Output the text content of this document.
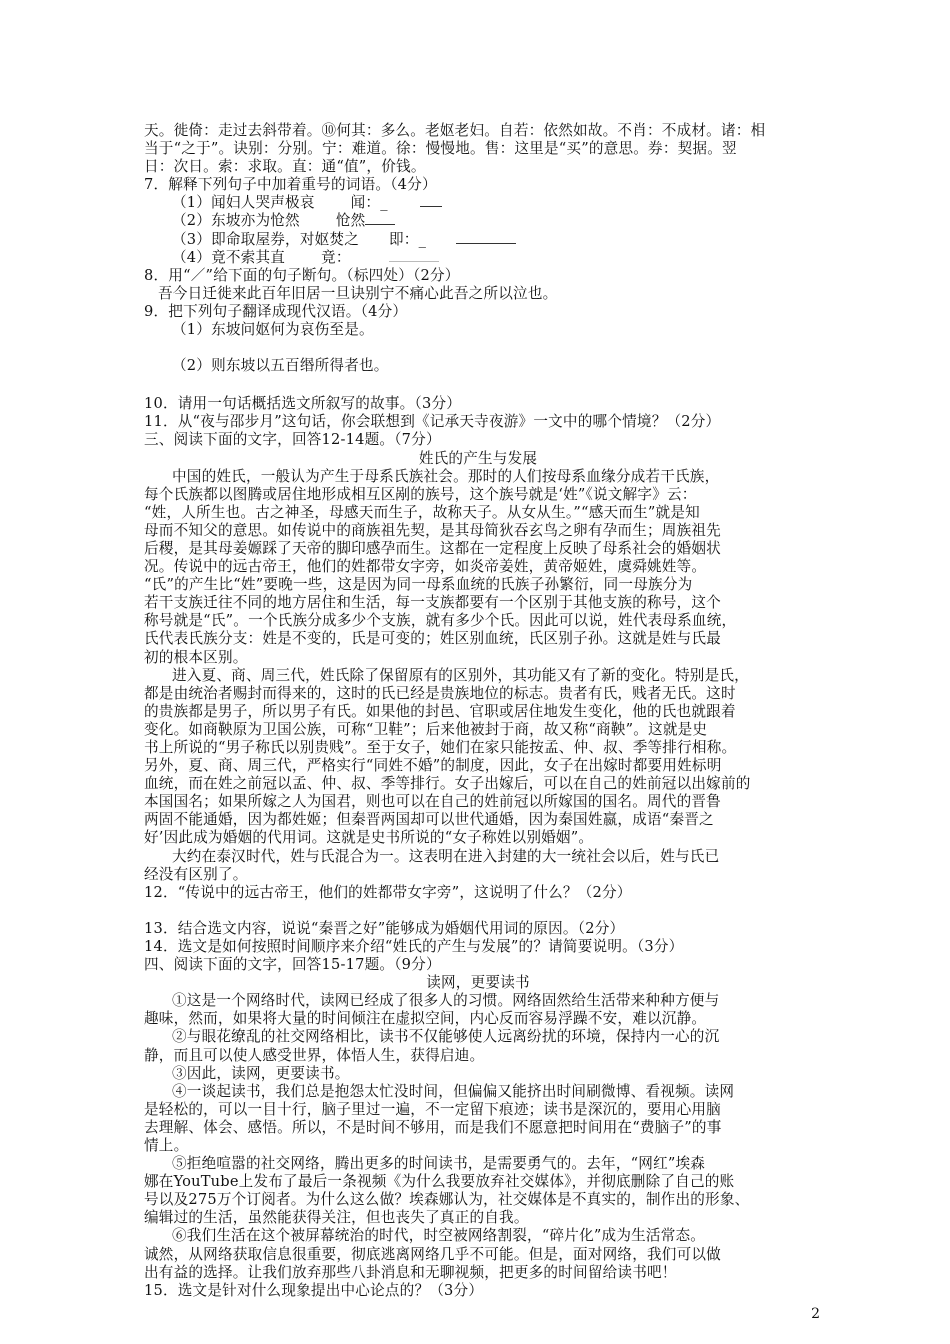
天。徙倚：走过去斜带着。⑩何其：多么。老妪老妇。自若：依然如故。不肖：不成材。诸：相
当于“之于”。诀别：分别。宁：难道。徐：慢慢地。售：这里是“买”的意思。券：契据。翌
日：次日。索：求取。直：通“值”，价钱。
7．解释下列句子中加着重号的词语。（4分）
（1）闻妇人哭声极哀 闻：_
（2）东坡亦为怆然 怆然
（3）即命取屋券，对妪焚之 即：_
（4）竟不索其直 竟：
8．用“／”给下面的句子断句。（标四处）（2分）
吾今日迁徙来此百年旧居一旦诀别宁不痛心此吾之所以泣也。
9．把下列句子翻译成现代汉语。（4分）
（1）东坡问妪何为哀伤至是。
（2）则东坡以五百缗所得者也。
10．请用一句话概括选文所叙写的故事。（3分）
11．从“夜与邵步月”这句话，你会联想到《记承天寺夜游》一文中的哪个情境？（2分）
三、阅读下面的文字，回答12-14题。（7分）
姓氏的产生与发展
中国的姓氏，一般认为产生于母系氏族社会。那时的人们按母系血缘分成若干氏族，
每个氏族都以图腾或居住地形成相互区剐的族号，这个族号就是‘姓”《说文解字》云：
“姓，人所生也。古之神圣，母感天而生子，故称天子。从女从生。”“感天而生”就是知
母而不知父的意思。如传说中的商族祖先契，是其母简狄吞玄鸟之卵有孕而生；周族祖先
后稷，是其母姜嫄踩了天帝的脚印感孕而生。这都在一定程度上反映了母系社会的婚姻状
况。传说中的远古帝王，他们的姓都带女字旁，如炎帝姜姓，黄帝姬姓，虞舜姚姓等。
“氏”的产生比“姓”要晚一些，这是因为同一母系血统的氏族子孙繁衍，同一母族分为
若干支族迁往不同的地方居住和生活，每一支族都要有一个区别于其他支族的称号，这个
称号就是“氏”。一个氏族分成多少个支族，就有多少个氏。因此可以说，姓代表母系血统，
氏代表氏族分支：姓是不变的，氏是可变的；姓区别血统，氏区别子孙。这就是姓与氏最
初的根本区别。
进入夏、商、周三代，姓氏除了保留原有的区别外，其功能又有了新的变化。特别是氏，
都是由统治者赐封而得来的，这时的氏已经是贵族地位的标志。贵者有氏，贱者无氏。这时
的贵族都是男子，所以男子有氏。如果他的封邑、官职或居住地发生变化，他的氏也就跟着
变化。如商鞅原为卫国公族，可称“卫鞋”；后来他被封于商，故又称“商鞅”。这就是史
书上所说的“男子称氏以别贵贱”。至于女子，她们在家只能按孟、仲、叔、季等排行相称。
另外，夏、商、周三代，严格实行“同姓不婚”的制度，因此，女子在出嫁时都要用姓标明
血统，而在姓之前冠以孟、仲、叔、季等排行。女子出嫁后，可以在自己的姓前冠以出嫁前的
本国国名；如果所嫁之人为国君，则也可以在自己的姓前冠以所嫁国的国名。周代的晋鲁
两固不能通婚，因为都姓姬；但秦晋两国却可以世代通婚，因为秦国姓嬴，成语“秦晋之
好’因此成为婚姻的代用词。这就是史书所说的“女子称姓以别婚姻”。
大约在泰汉时代，姓与氏混合为一。这表明在进入封建的大一统社会以后，姓与氏已
经没有区别了。
12．“传说中的远古帝王，他们的姓都带女字旁”，这说明了什么？（2分）
13．结合选文内容，说说“秦晋之好”能够成为婚姻代用词的原因。（2分）
14．选文是如何按照时间顺序来介绍“姓氏的产生与发展”的？请简要说明。（3分）
四、阅读下面的文字，回答15-17题。（9分）
读网，更要读书
①这是一个网络时代，读网已经成了很多人的习惯。网络固然给生活带来种种方便与
趣味，然而，如果将大量的时间倾注在虚拟空间，内心反而容易浮躁不安，难以沉静。
②与眼花缭乱的社交网络相比，读书不仅能够使人远离纷扰的环境，保持内一心的沉
静，而且可以使人感受世界，体悟人生，获得启迪。
③因此，读网，更要读书。
④一谈起读书，我们总是抱怨太忙没时间，但偏偏又能挤出时间刷微博、看视频。读网
是轻松的，可以一目十行，脑子里过一遍，不一定留下痕迹；读书是深沉的，要用心用脑
去理解、体会、感悟。所以，不是时间不够用，而是我们不愿意把时间用在“费脑子”的事
情上。
⑤拒绝喧嚣的社交网络，腾出更多的时间读书，是需要勇气的。去年，“网红”埃森
娜在YouTube上发布了最后一条视频《为什么我要放弃社交媒体》，并彻底删除了自己的账
号以及275万个订阅者。为什么这么做？埃森娜认为，社交媒体是不真实的，制作出的形象、
编辑过的生活，虽然能获得关注，但也丧失了真正的自我。
⑥我们生活在这个被屏幕统治的时代，时空被网络割裂，“碎片化”成为生活常态。
诚然，从网络获取信息很重要，彻底逃离网络几乎不可能。但是，面对网络，我们可以做
出有益的选择。让我们放弃那些八卦消息和无聊视频，把更多的时间留给读书吧！
15．选文是针对什么现象提出中心论点的？（3分）
2
